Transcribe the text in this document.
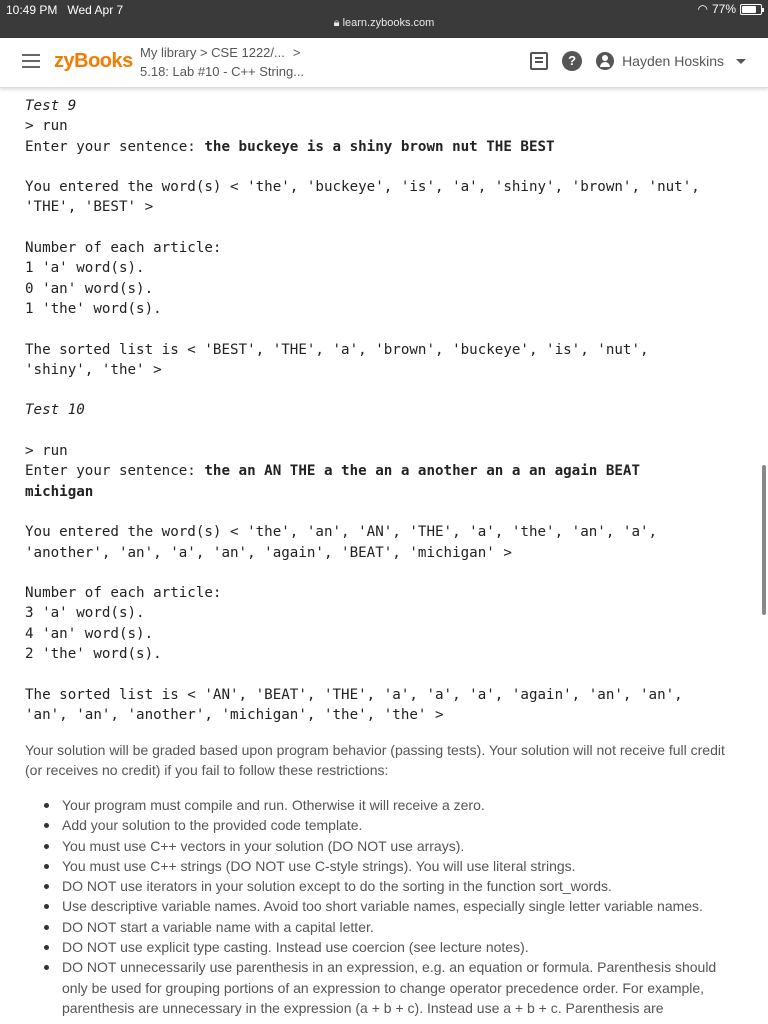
10:49 PM Wed Apr 7	◠ 77%
🔒︎ learn.zybooks.com
zyBooks My library > CSE 1222/... >
5.18: Lab #10 - C++ String...
?	Hayden Hoskins
Test 9
> run
Enter your sentence: the buckeye is a shiny brown nut THE BEST

You entered the word(s) < 'the', 'buckeye', 'is', 'a', 'shiny', 'brown', 'nut',
'THE', 'BEST' >

Number of each article:
1 'a' word(s).
0 'an' word(s).
1 'the' word(s).

The sorted list is < 'BEST', 'THE', 'a', 'brown', 'buckeye', 'is', 'nut',
'shiny', 'the' >

Test 10

> run
Enter your sentence: the an AN THE a the an a another an a an again BEAT
michigan

You entered the word(s) < 'the', 'an', 'AN', 'THE', 'a', 'the', 'an', 'a',
'another', 'an', 'a', 'an', 'again', 'BEAT', 'michigan' >

Number of each article:
3 'a' word(s).
4 'an' word(s).
2 'the' word(s).

The sorted list is < 'AN', 'BEAT', 'THE', 'a', 'a', 'a', 'again', 'an', 'an',
'an', 'an', 'another', 'michigan', 'the', 'the' >

Your solution will be graded based upon program behavior (passing tests). Your solution will not receive full credit (or receives no credit) if you fail to follow these restrictions:

Your program must compile and run. Otherwise it will receive a zero.
Add your solution to the provided code template.
You must use C++ vectors in your solution (DO NOT use arrays).
You must use C++ strings (DO NOT use C-style strings). You will use literal strings.
DO NOT use iterators in your solution except to do the sorting in the function sort_words.
Use descriptive variable names. Avoid too short variable names, especially single letter variable names.
DO NOT start a variable name with a capital letter.
DO NOT use explicit type casting. Instead use coercion (see lecture notes).
DO NOT unnecessarily use parenthesis in an expression, e.g. an equation or formula. Parenthesis should only be used for grouping portions of an expression to change operator precedence order. For example, parenthesis are unnecessary in the expression (a + b + c). Instead use a + b + c. Parenthesis are
